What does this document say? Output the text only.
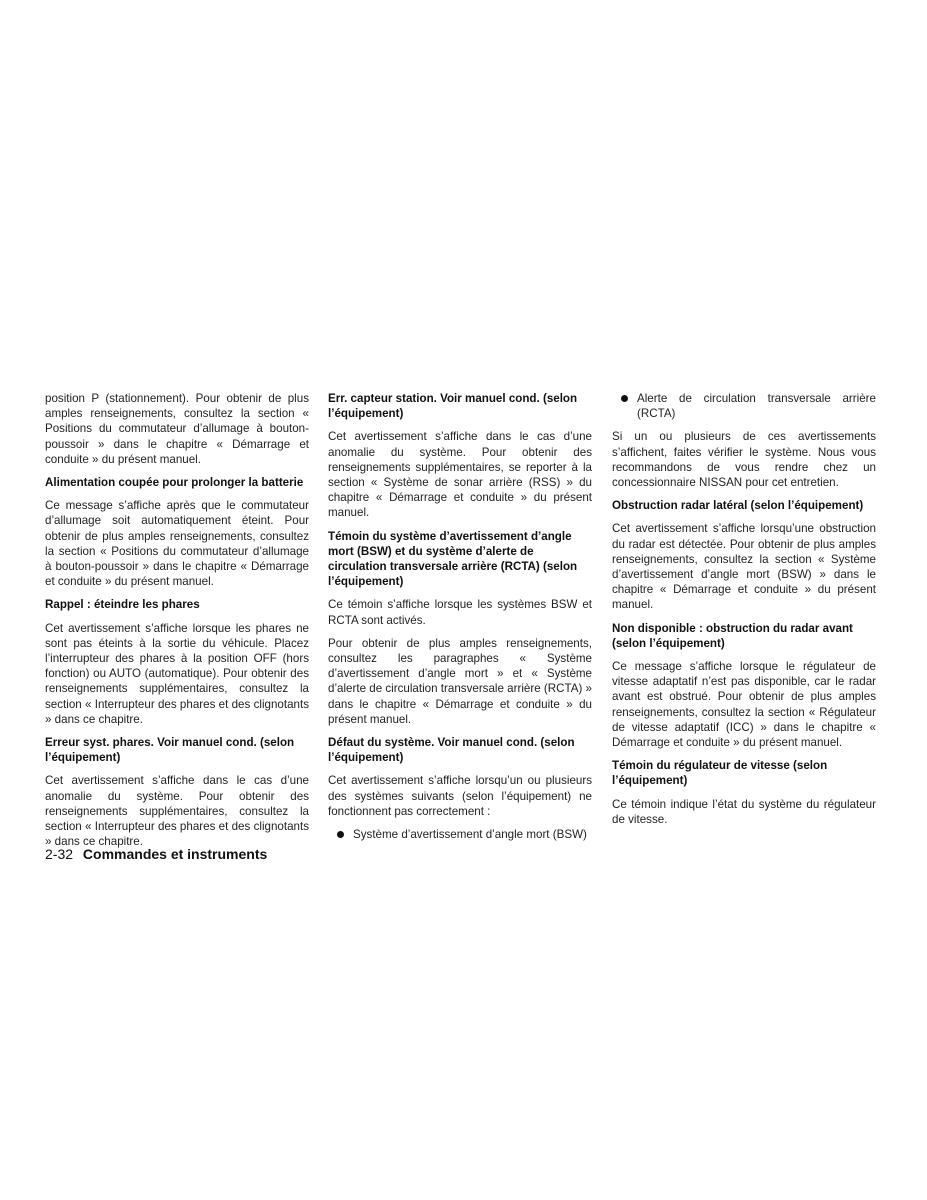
position P (stationnement). Pour obtenir de plus amples renseignements, consultez la section « Positions du commutateur d’allumage à bouton-poussoir » dans le chapitre « Démarrage et conduite » du présent manuel.

Alimentation coupée pour prolonger la batterie

Ce message s’affiche après que le commutateur d’allumage soit automatiquement éteint. Pour obtenir de plus amples renseignements, consultez la section « Positions du commutateur d’allumage à bouton-poussoir » dans le chapitre « Démarrage et conduite » du présent manuel.

Rappel : éteindre les phares

Cet avertissement s’affiche lorsque les phares ne sont pas éteints à la sortie du véhicule. Placez l’interrupteur des phares à la position OFF (hors fonction) ou AUTO (automatique). Pour obtenir des renseignements supplémentaires, consultez la section « Interrupteur des phares et des clignotants » dans ce chapitre.

Erreur syst. phares. Voir manuel cond. (selon l’équipement)

Cet avertissement s’affiche dans le cas d’une anomalie du système. Pour obtenir des renseignements supplémentaires, consultez la section « Interrupteur des phares et des clignotants » dans ce chapitre.

Err. capteur station. Voir manuel cond. (selon l’équipement)

Cet avertissement s’affiche dans le cas d’une anomalie du système. Pour obtenir des renseignements supplémentaires, se reporter à la section « Système de sonar arrière (RSS) » du chapitre « Démarrage et conduite » du présent manuel.

Témoin du système d’avertissement d’angle mort (BSW) et du système d’alerte de circulation transversale arrière (RCTA) (selon l’équipement)

Ce témoin s’affiche lorsque les systèmes BSW et RCTA sont activés.

Pour obtenir de plus amples renseignements, consultez les paragraphes « Système d’avertissement d’angle mort » et « Système d’alerte de circulation transversale arrière (RCTA) » dans le chapitre « Démarrage et conduite » du présent manuel.

Défaut du système. Voir manuel cond. (selon l’équipement)

Cet avertissement s’affiche lorsqu’un ou plusieurs des systèmes suivants (selon l’équipement) ne fonctionnent pas correctement :

Système d’avertissement d’angle mort (BSW)
Alerte de circulation transversale arrière (RCTA)

Si un ou plusieurs de ces avertissements s’affichent, faites vérifier le système. Nous vous recommandons de vous rendre chez un concessionnaire NISSAN pour cet entretien.

Obstruction radar latéral (selon l’équipement)

Cet avertissement s’affiche lorsqu’une obstruction du radar est détectée. Pour obtenir de plus amples renseignements, consultez la section « Système d’avertissement d’angle mort (BSW) » dans le chapitre « Démarrage et conduite » du présent manuel.

Non disponible : obstruction du radar avant (selon l’équipement)

Ce message s’affiche lorsque le régulateur de vitesse adaptatif n’est pas disponible, car le radar avant est obstrué. Pour obtenir de plus amples renseignements, consultez la section « Régulateur de vitesse adaptatif (ICC) » dans le chapitre « Démarrage et conduite » du présent manuel.

Témoin du régulateur de vitesse (selon l’équipement)

Ce témoin indique l’état du système du régulateur de vitesse.

2-32 Commandes et instruments
